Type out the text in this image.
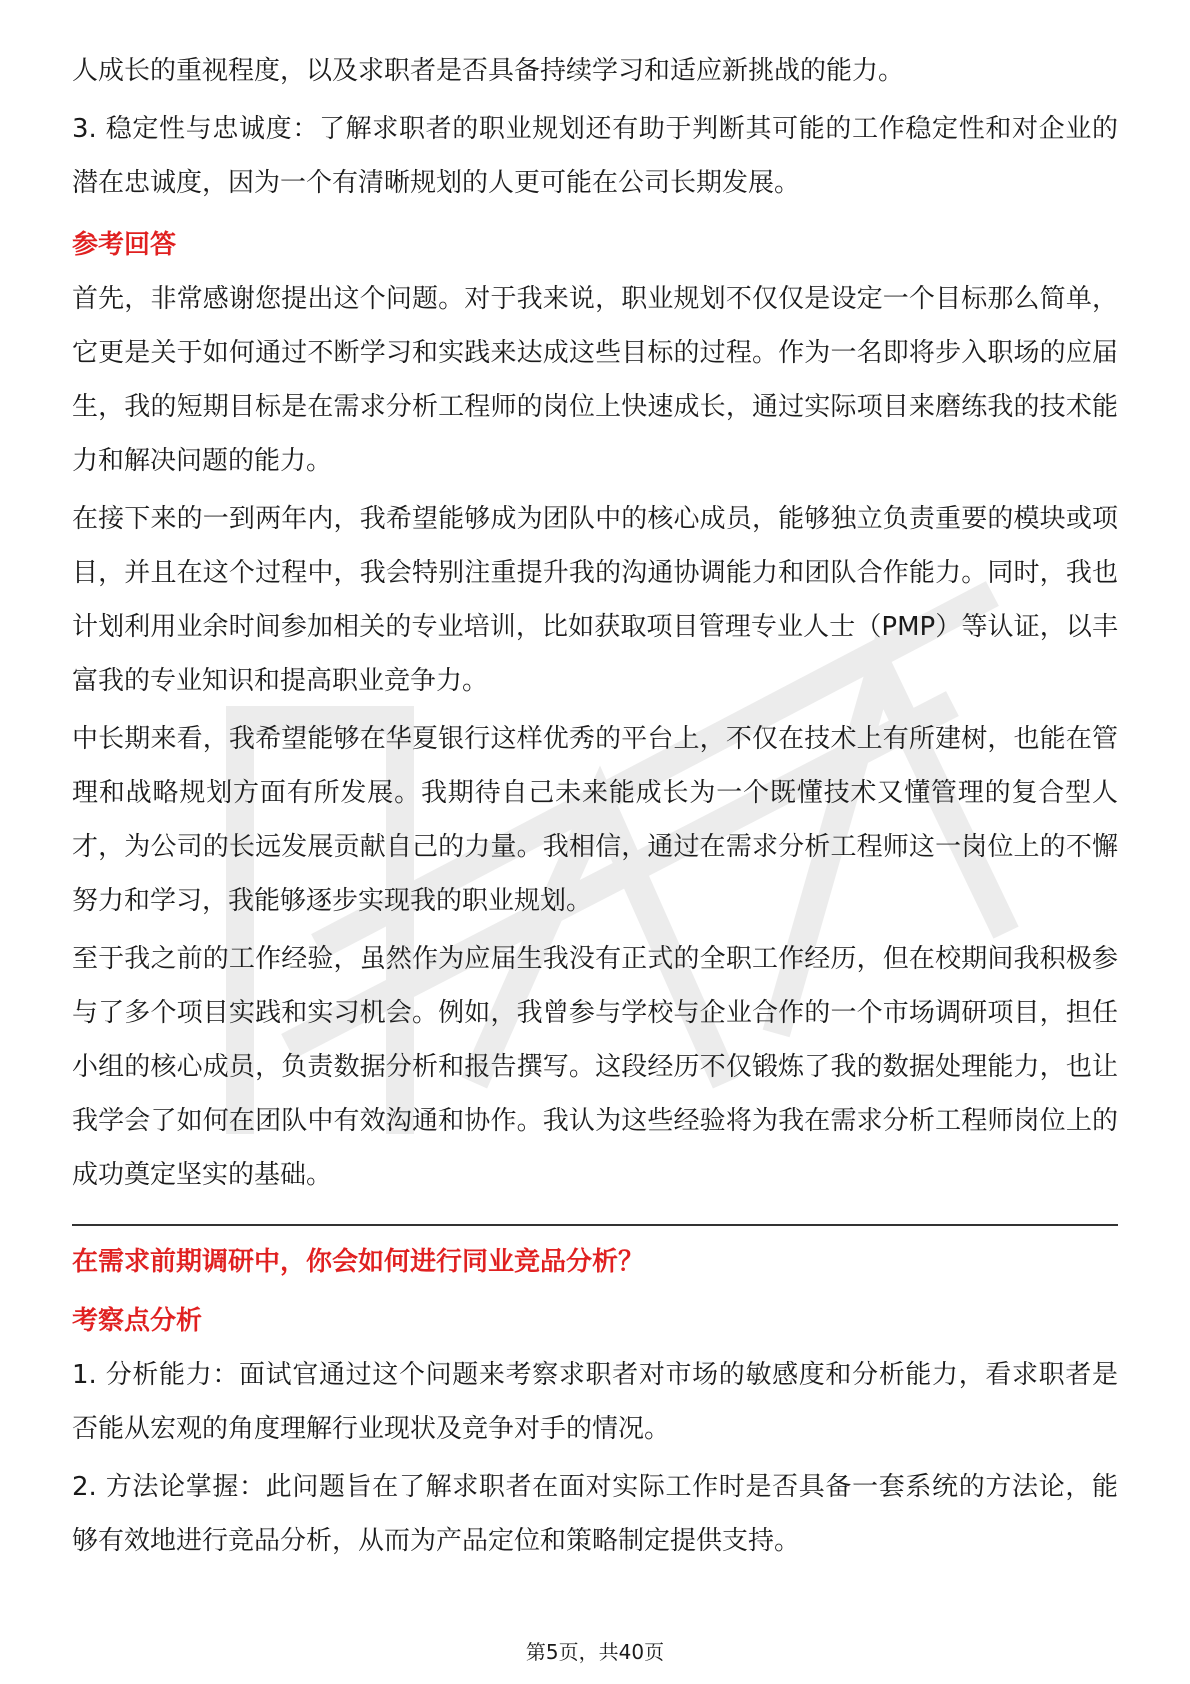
人成长的重视程度，以及求职者是否具备持续学习和适应新挑战的能力。

3. 稳定性与忠诚度：了解求职者的职业规划还有助于判断其可能的工作稳定性和对企业的潜在忠诚度，因为一个有清晰规划的人更可能在公司长期发展。

参考回答

首先，非常感谢您提出这个问题。对于我来说，职业规划不仅仅是设定一个目标那么简单，它更是关于如何通过不断学习和实践来达成这些目标的过程。作为一名即将步入职场的应届生，我的短期目标是在需求分析工程师的岗位上快速成长，通过实际项目来磨练我的技术能力和解决问题的能力。

在接下来的一到两年内，我希望能够成为团队中的核心成员，能够独立负责重要的模块或项目，并且在这个过程中，我会特别注重提升我的沟通协调能力和团队合作能力。同时，我也计划利用业余时间参加相关的专业培训，比如获取项目管理专业人士（PMP）等认证，以丰富我的专业知识和提高职业竞争力。

中长期来看，我希望能够在华夏银行这样优秀的平台上，不仅在技术上有所建树，也能在管理和战略规划方面有所发展。我期待自己未来能成长为一个既懂技术又懂管理的复合型人才，为公司的长远发展贡献自己的力量。我相信，通过在需求分析工程师这一岗位上的不懈努力和学习，我能够逐步实现我的职业规划。

至于我之前的工作经验，虽然作为应届生我没有正式的全职工作经历，但在校期间我积极参与了多个项目实践和实习机会。例如，我曾参与学校与企业合作的一个市场调研项目，担任小组的核心成员，负责数据分析和报告撰写。这段经历不仅锻炼了我的数据处理能力，也让我学会了如何在团队中有效沟通和协作。我认为这些经验将为我在需求分析工程师岗位上的成功奠定坚实的基础。

在需求前期调研中，你会如何进行同业竞品分析？
考察点分析

1. 分析能力：面试官通过这个问题来考察求职者对市场的敏感度和分析能力，看求职者是否能从宏观的角度理解行业现状及竞争对手的情况。

2. 方法论掌握：此问题旨在了解求职者在面对实际工作时是否具备一套系统的方法论，能够有效地进行竞品分析，从而为产品定位和策略制定提供支持。

第5页，共40页
